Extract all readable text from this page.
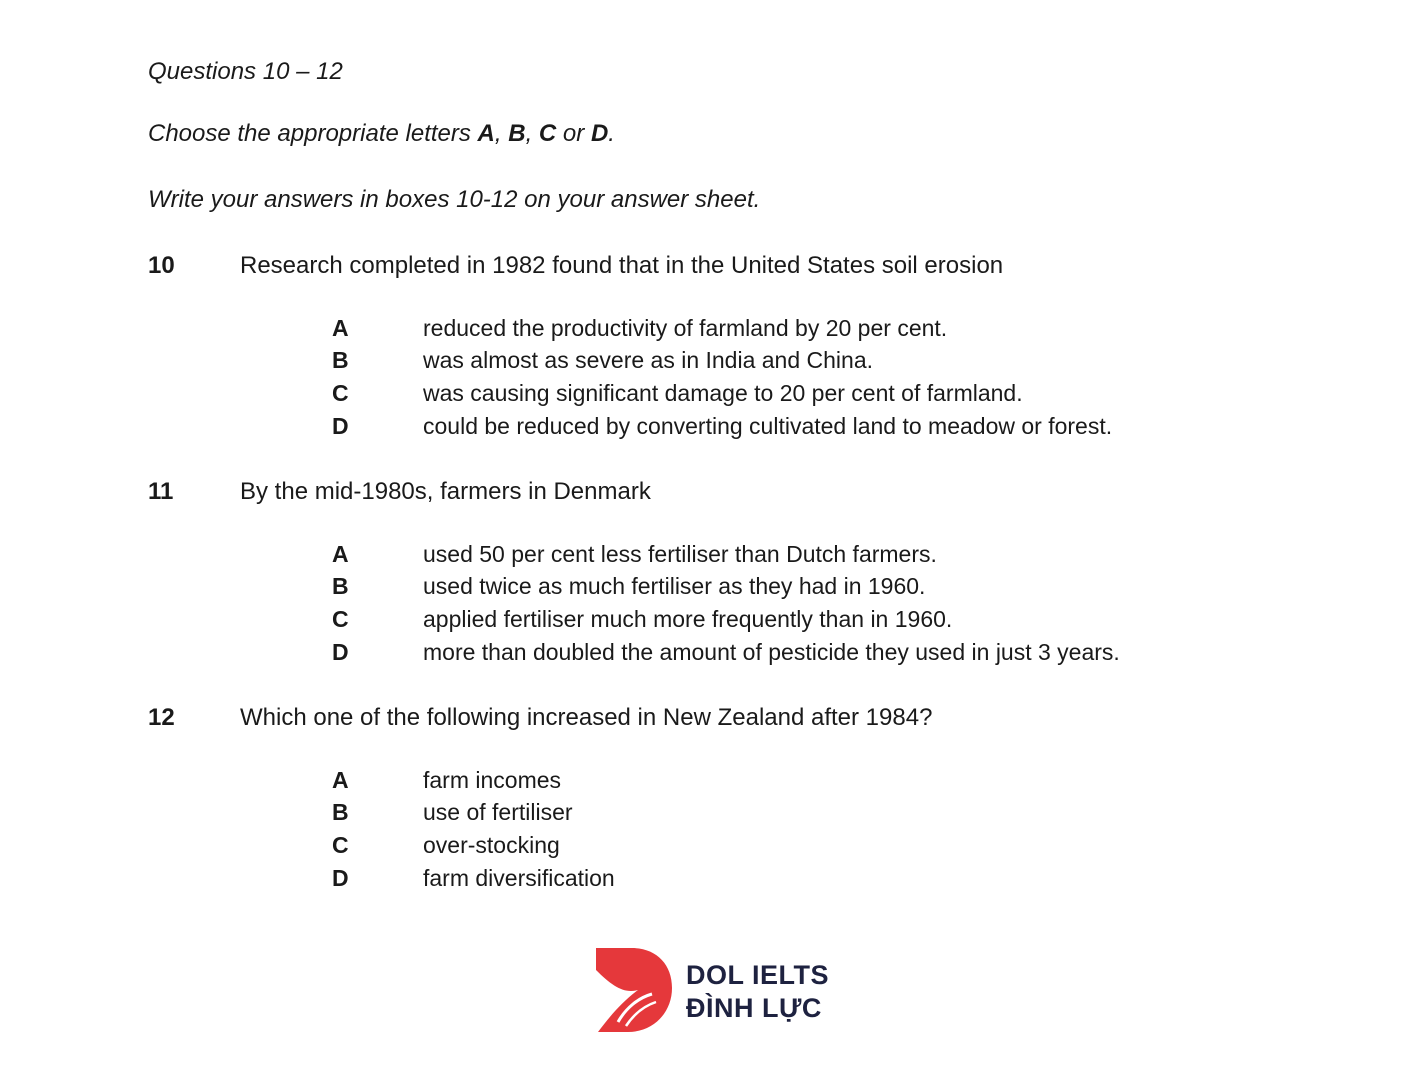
Questions 10 – 12
Choose the appropriate letters A, B, C or D.
Write your answers in boxes 10-12 on your answer sheet.
10	Research completed in 1982 found that in the United States soil erosion
A	reduced the productivity of farmland by 20 per cent.
B	was almost as severe as in India and China.
C	was causing significant damage to 20 per cent of farmland.
D	could be reduced by converting cultivated land to meadow or forest.
11	By the mid-1980s, farmers in Denmark
A	used 50 per cent less fertiliser than Dutch farmers.
B	used twice as much fertiliser as they had in 1960.
C	applied fertiliser much more frequently than in 1960.
D	more than doubled the amount of pesticide they used in just 3 years.
12	Which one of the following increased in New Zealand after 1984?
A	farm incomes
B	use of fertiliser
C	over-stocking
D	farm diversification
DOL IELTS
ĐÌNH LỰC
